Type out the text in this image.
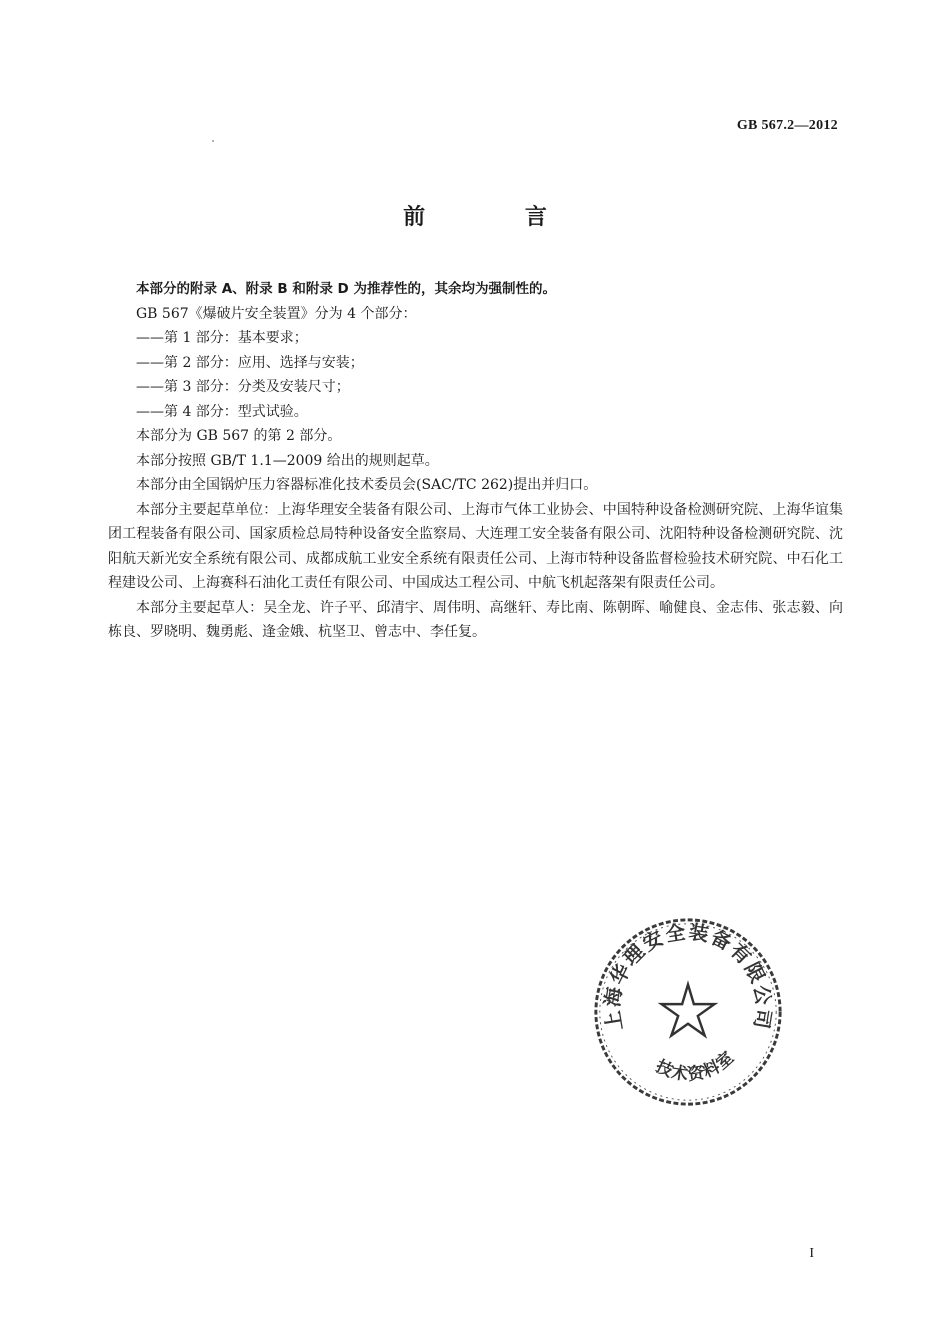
GB 567.2—2012
前 言

本部分的附录 A、附录 B 和附录 D 为推荐性的，其余均为强制性的。

GB 567《爆破片安全装置》分为 4 个部分：

——第 1 部分：基本要求；

——第 2 部分：应用、选择与安装；

——第 3 部分：分类及安装尺寸；

——第 4 部分：型式试验。

本部分为 GB 567 的第 2 部分。

本部分按照 GB/T 1.1—2009 给出的规则起草。

本部分由全国锅炉压力容器标准化技术委员会(SAC/TC 262)提出并归口。

本部分主要起草单位：上海华理安全装备有限公司、上海市气体工业协会、中国特种设备检测研究院、上海华谊集团工程装备有限公司、国家质检总局特种设备安全监察局、大连理工安全装备有限公司、沈阳特种设备检测研究院、沈阳航天新光安全系统有限公司、成都成航工业安全系统有限责任公司、上海市特种设备监督检验技术研究院、中石化工程建设公司、上海赛科石油化工责任有限公司、中国成达工程公司、中航飞机起落架有限责任公司。

本部分主要起草人：吴全龙、许子平、邱清宇、周伟明、高继轩、寿比南、陈朝晖、喻健良、金志伟、张志毅、向栋良、罗晓明、魏勇彪、逢金娥、杭坚卫、曾志中、李任复。

上海华理安全装备有限公司
技术资料室
I
